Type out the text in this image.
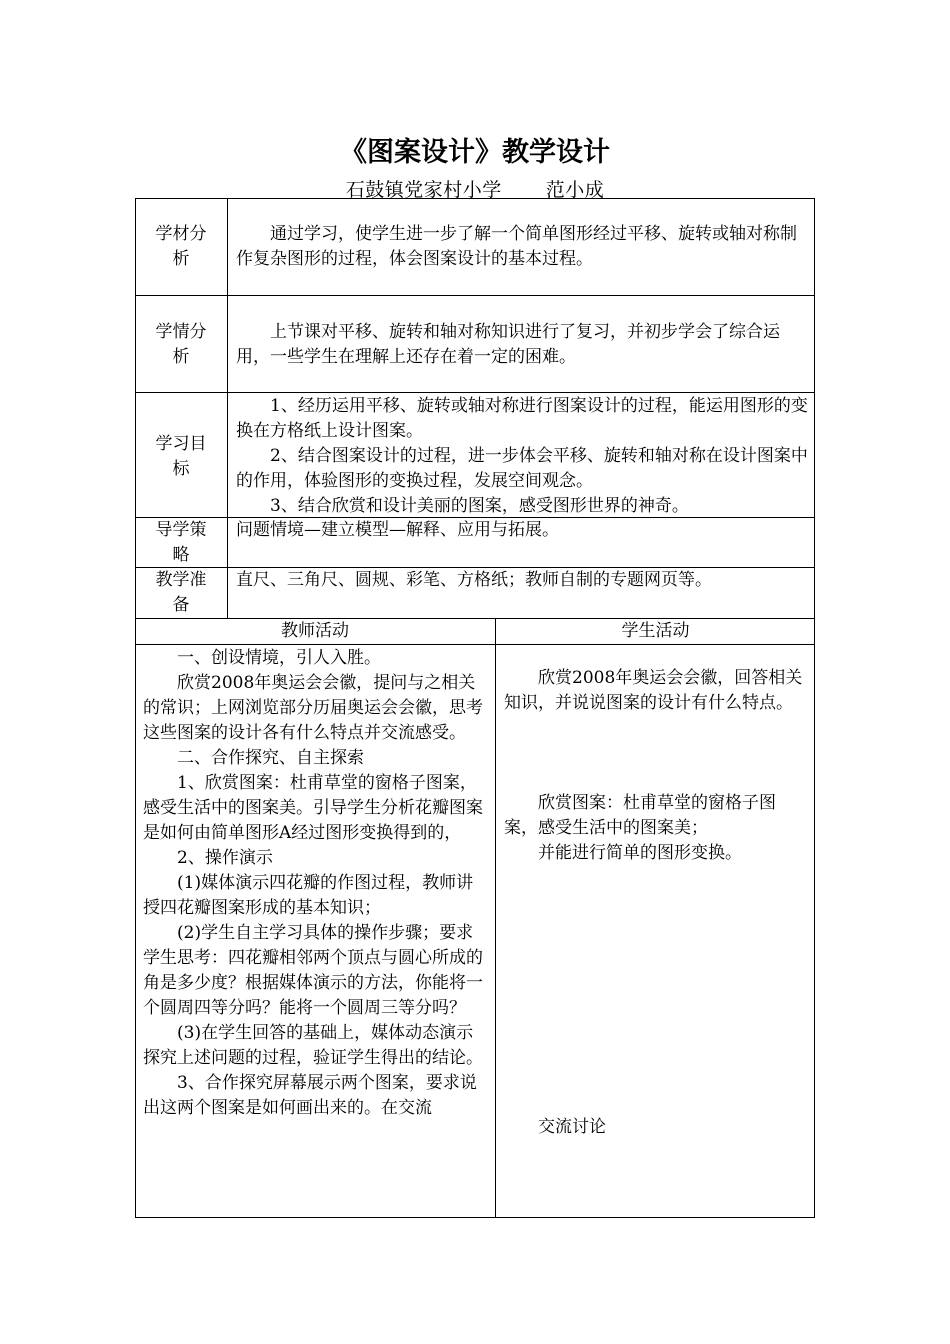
《图案设计》教学设计
石鼓镇党家村小学 范小成
学材分
析

通过学习，使学生进一步了解一个简单图形经过平移、旋转或轴对称制作复杂图形的过程，体会图案设计的基本过程。

学情分
析

上节课对平移、旋转和轴对称知识进行了复习，并初步学会了综合运用，一些学生在理解上还存在着一定的困难。

学习目
标

1、经历运用平移、旋转或轴对称进行图案设计的过程，能运用图形的变换在方格纸上设计图案。

2、结合图案设计的过程，进一步体会平移、旋转和轴对称在设计图案中的作用，体验图形的变换过程，发展空间观念。

3、结合欣赏和设计美丽的图案，感受图形世界的神奇。

导学策
略

问题情境—建立模型—解释、应用与拓展。

教学准
备

直尺、三角尺、圆规、彩笔、方格纸；教师自制的专题网页等。

教师活动	学生活动

一、创设情境，引人入胜。

欣赏2008年奥运会会徽，提问与之相关的常识；上网浏览部分历届奥运会会徽，思考这些图案的设计各有什么特点并交流感受。

二、合作探究、自主探索

1、欣赏图案：杜甫草堂的窗格子图案，感受生活中的图案美。引导学生分析花瓣图案是如何由简单图形A经过图形变换得到的，

2、操作演示

(1)媒体演示四花瓣的作图过程，教师讲授四花瓣图案形成的基本知识；

(2)学生自主学习具体的操作步骤；要求学生思考：四花瓣相邻两个顶点与圆心所成的角是多少度？根据媒体演示的方法，你能将一个圆周四等分吗？能将一个圆周三等分吗？

(3)在学生回答的基础上，媒体动态演示探究上述问题的过程，验证学生得出的结论。

3、合作探究屏幕展示两个图案，要求说出这两个图案是如何画出来的。在交流

欣赏2008年奥运会会徽，回答相关知识，并说说图案的设计有什么特点。

欣赏图案：杜甫草堂的窗格子图案，感受生活中的图案美；

并能进行简单的图形变换。

交流讨论
